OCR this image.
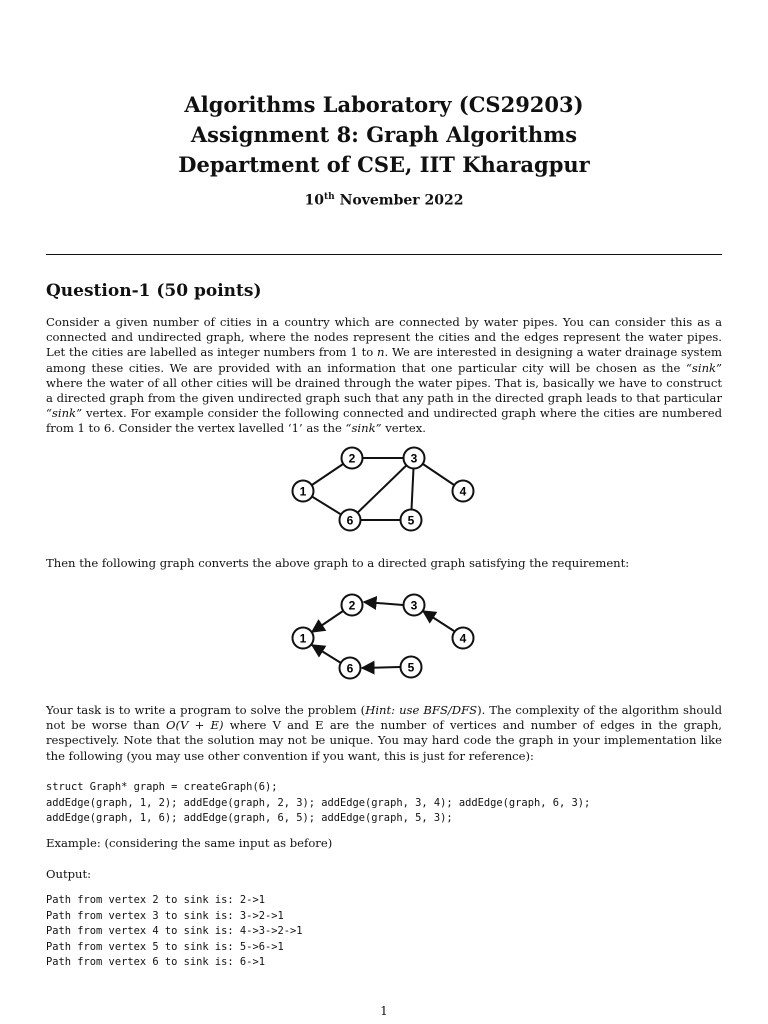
Algorithms Laboratory (CS29203)
Assignment 8: Graph Algorithms
Department of CSE, IIT Kharagpur
10th November 2022
Question-1 (50 points)
Consider a given number of cities in a country which are connected by water pipes. You can consider this as a connected and undirected graph, where the nodes represent the cities and the edges represent the water pipes. Let the cities are labelled as integer numbers from 1 to n. We are interested in designing a water drainage system among these cities. We are provided with an information that one particular city will be chosen as the “sink” where the water of all other cities will be drained through the water pipes. That is, basically we have to construct a directed graph from the given undirected graph such that any path in the directed graph leads to that particular “sink” vertex. For example consider the following connected and undirected graph where the cities are numbered from 1 to 6. Consider the vertex lavelled ‘1’ as the “sink” vertex.
1
2	3
4
5
6
Then the following graph converts the above graph to a directed graph satisfying the requirement:
1
2	3
4
5
6
Your task is to write a program to solve the problem (Hint: use BFS/DFS). The complexity of the algorithm should not be worse than O(V + E) where V and E are the number of vertices and number of edges in the graph, respectively. Note that the solution may not be unique. You may hard code the graph in your implementation like the following (you may use other convention if you want, this is just for reference):
struct Graph* graph = createGraph(6);
addEdge(graph, 1, 2); addEdge(graph, 2, 3); addEdge(graph, 3, 4); addEdge(graph, 6, 3);
addEdge(graph, 1, 6); addEdge(graph, 6, 5); addEdge(graph, 5, 3);
Example: (considering the same input as before)
Output:
Path from vertex 2 to sink is: 2->1
Path from vertex 3 to sink is: 3->2->1
Path from vertex 4 to sink is: 4->3->2->1
Path from vertex 5 to sink is: 5->6->1
Path from vertex 6 to sink is: 6->1
1
